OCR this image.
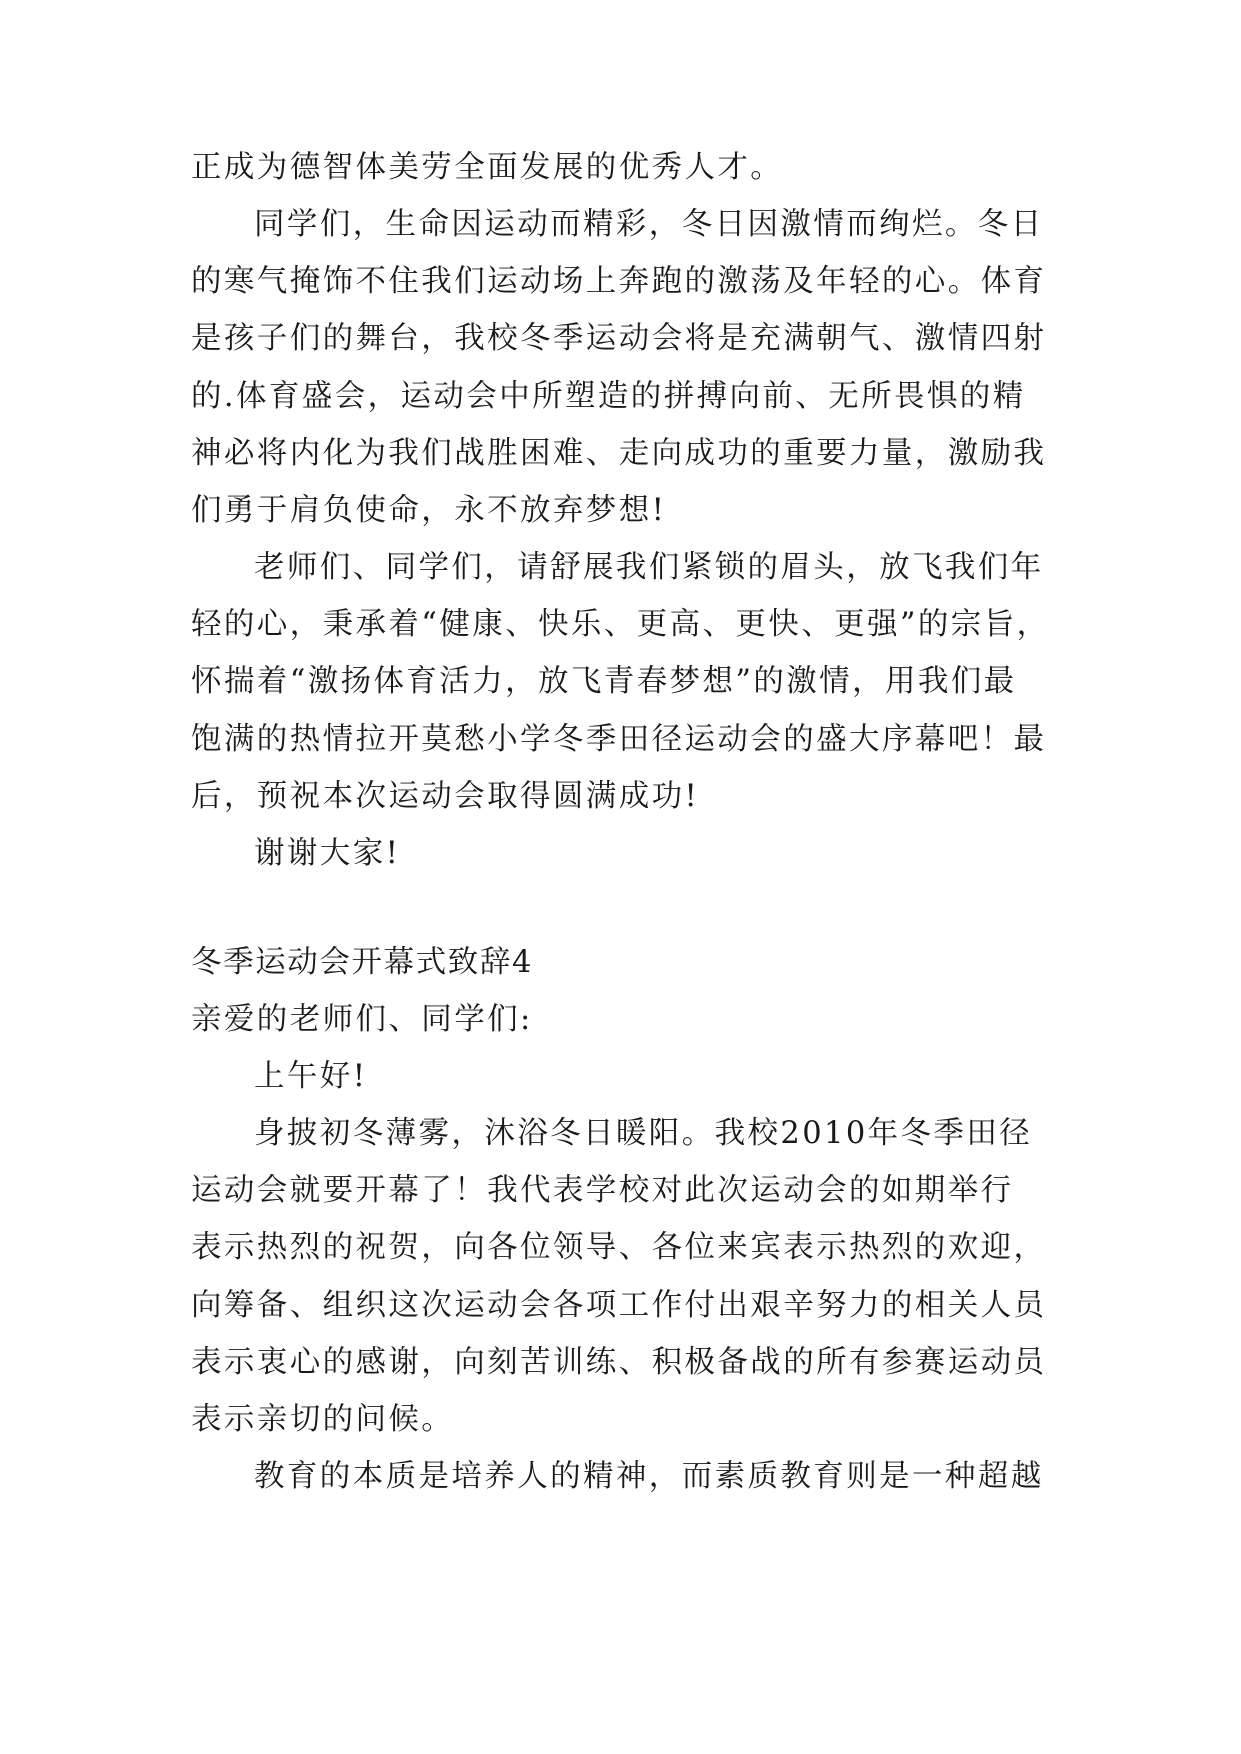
正成为德智体美劳全面发展的优秀人才。

同学们，生命因运动而精彩，冬日因激情而绚烂。冬日

的寒气掩饰不住我们运动场上奔跑的激荡及年轻的心。体育

是孩子们的舞台，我校冬季运动会将是充满朝气、激情四射

的.体育盛会，运动会中所塑造的拼搏向前、无所畏惧的精

神必将内化为我们战胜困难、走向成功的重要力量，激励我

们勇于肩负使命，永不放弃梦想!

老师们、同学们，请舒展我们紧锁的眉头，放飞我们年

轻的心，秉承着“健康、快乐、更高、更快、更强”的宗旨，

怀揣着“激扬体育活力，放飞青春梦想”的激情，用我们最

饱满的热情拉开莫愁小学冬季田径运动会的盛大序幕吧！最

后，预祝本次运动会取得圆满成功!

谢谢大家!

冬季运动会开幕式致辞4

亲爱的老师们、同学们:

上午好!

身披初冬薄雾，沐浴冬日暖阳。我校2010年冬季田径

运动会就要开幕了！我代表学校对此次运动会的如期举行

表示热烈的祝贺，向各位领导、各位来宾表示热烈的欢迎，

向筹备、组织这次运动会各项工作付出艰辛努力的相关人员

表示衷心的感谢，向刻苦训练、积极备战的所有参赛运动员

表示亲切的问候。

教育的本质是培养人的精神，而素质教育则是一种超越
